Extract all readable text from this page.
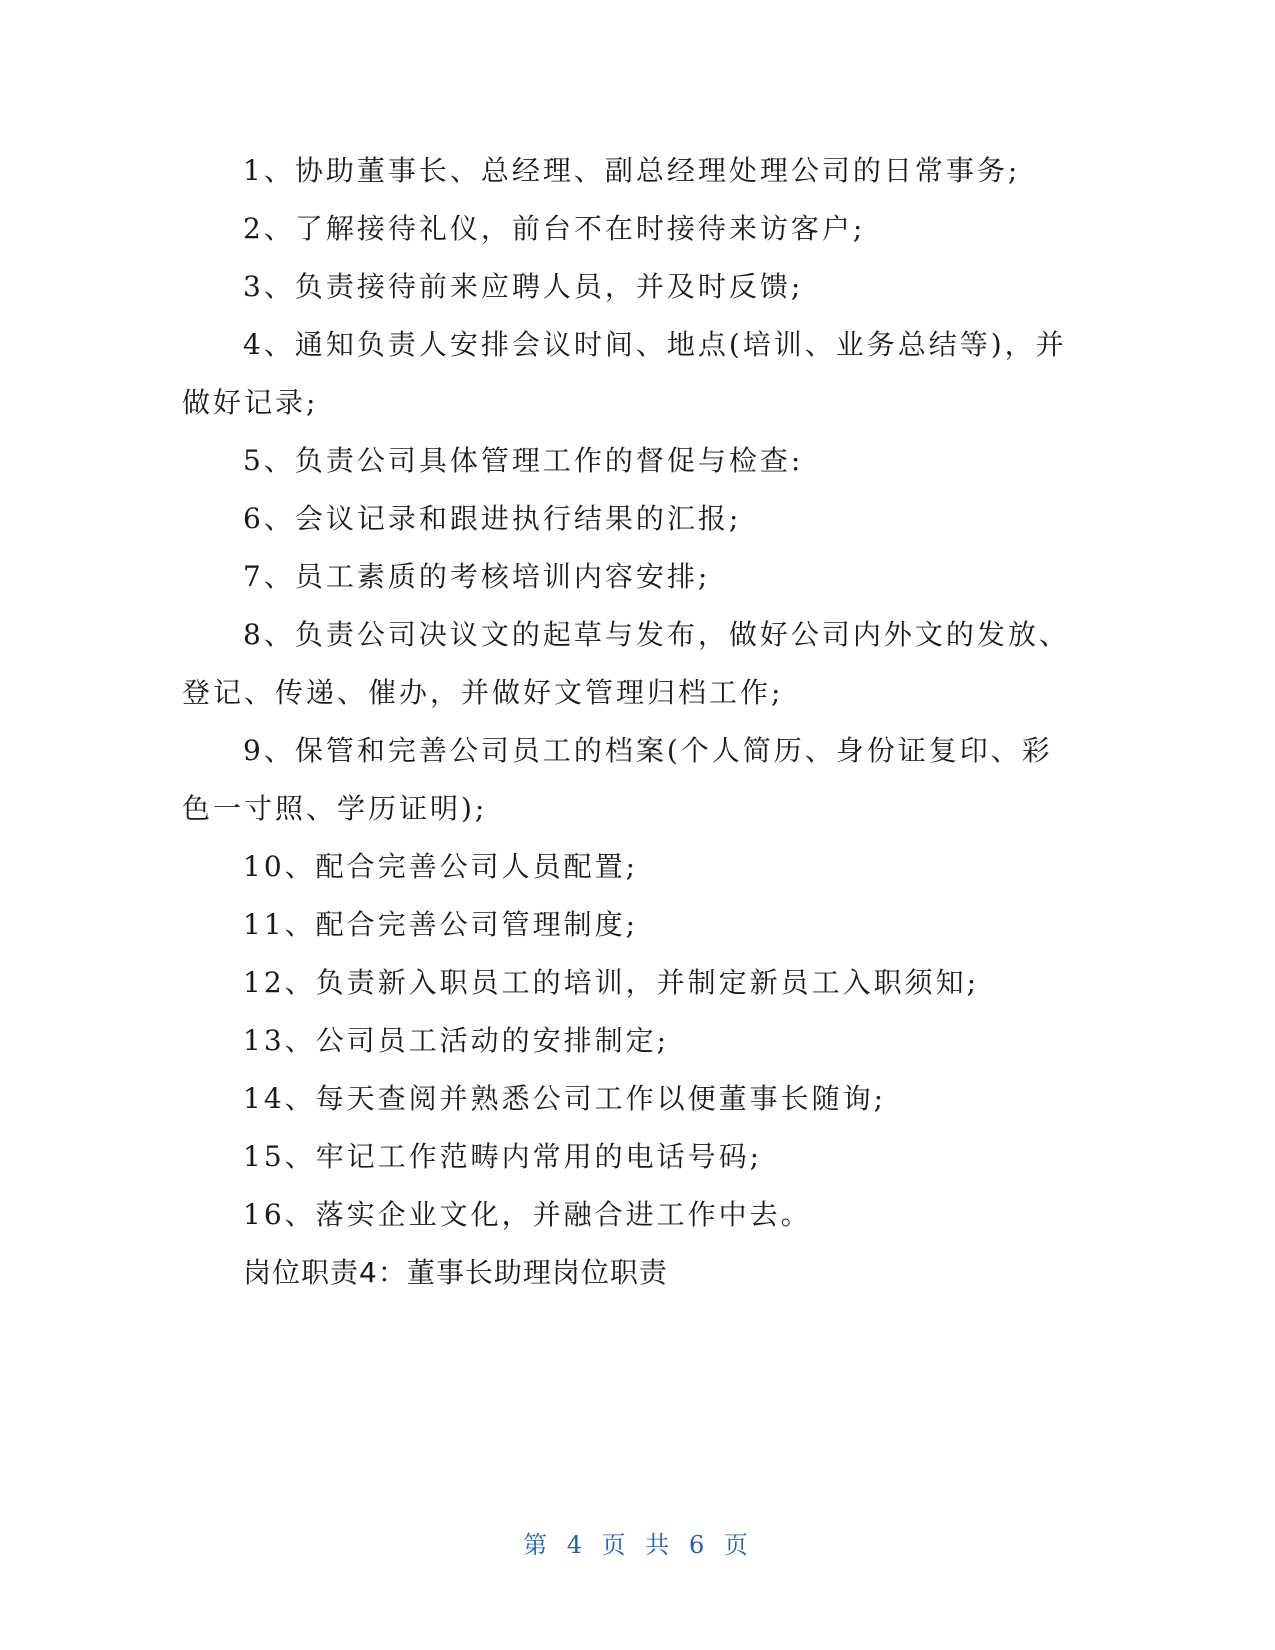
1、协助董事长、总经理、副总经理处理公司的日常事务;

2、了解接待礼仪，前台不在时接待来访客户;

3、负责接待前来应聘人员，并及时反馈;

4、通知负责人安排会议时间、地点(培训、业务总结等)，并做好记录;

5、负责公司具体管理工作的督促与检查:

6、会议记录和跟进执行结果的汇报;

7、员工素质的考核培训内容安排;

8、负责公司决议文的起草与发布，做好公司内外文的发放、登记、传递、催办，并做好文管理归档工作;

9、保管和完善公司员工的档案(个人简历、身份证复印、彩色一寸照、学历证明);

10、配合完善公司人员配置;

11、配合完善公司管理制度;

12、负责新入职员工的培训，并制定新员工入职须知;

13、公司员工活动的安排制定;

14、每天查阅并熟悉公司工作以便董事长随询;

15、牢记工作范畴内常用的电话号码;

16、落实企业文化，并融合进工作中去。

岗位职责4：董事长助理岗位职责

第 4 页 共 6 页
